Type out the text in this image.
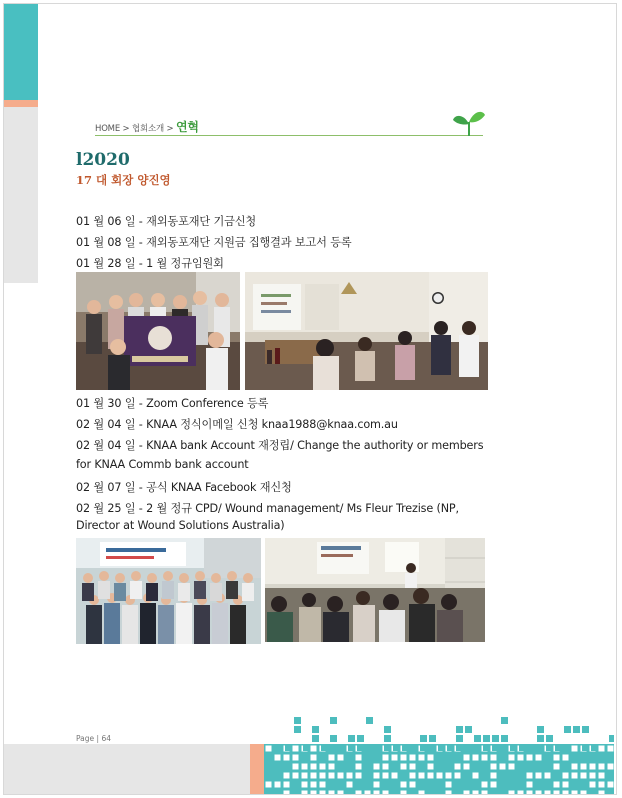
HOME > 협회소개 > 연혁
l2020
17 대 회장 양진영
01 월 06 일 - 재외동포재단 기금신청
01 월 08 일 - 재외동포재단 지원금 집행결과 보고서 등록
01 월 28 일 - 1 월 정규임원회
01 월 30 일 - Zoom Conference 등록
02 월 04 일 - KNAA 정식이메일 신청 knaa1988@knaa.com.au
02 월 04 일 - KNAA bank Account 재정립/ Change the authority or members
for KNAA Commb bank account
02 월 07 일 - 공식 KNAA Facebook 재신청
02 월 25 일 - 2 월 정규 CPD/ Wound management/ Ms Fleur Trezise (NP,
Director at Wound Solutions Australia)
Page | 64
